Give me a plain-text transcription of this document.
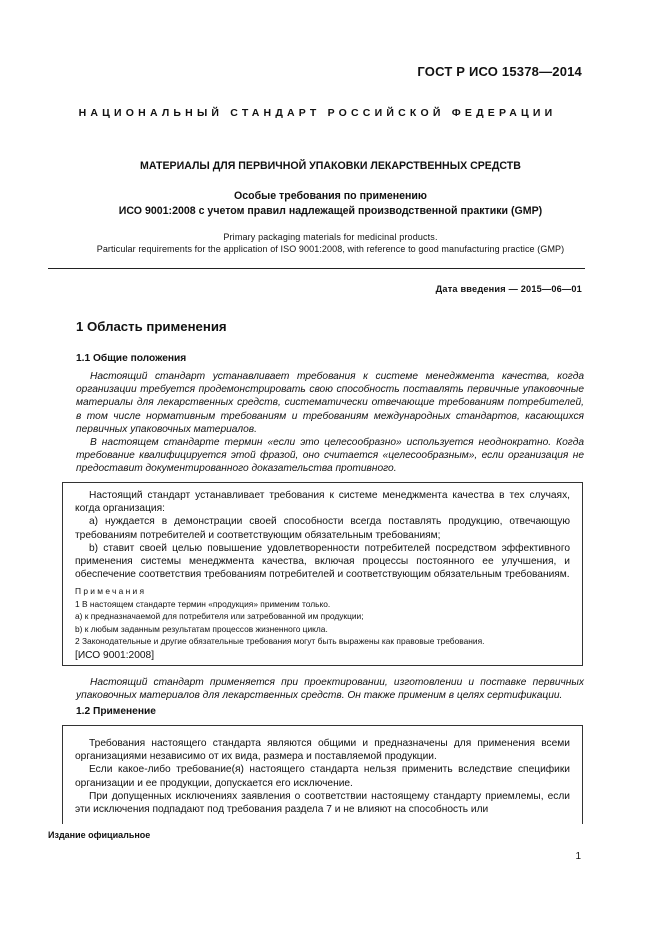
ГОСТ Р ИСО 15378—2014
НАЦИОНАЛЬНЫЙ СТАНДАРТ РОССИЙСКОЙ ФЕДЕРАЦИИ
МАТЕРИАЛЫ ДЛЯ ПЕРВИЧНОЙ УПАКОВКИ ЛЕКАРСТВЕННЫХ СРЕДСТВ
Особые требования по применению
ИСО 9001:2008 с учетом правил надлежащей производственной практики (GMP)
Primary packaging materials for medicinal products.
Particular requirements for the application of ISO 9001:2008, with reference to good manufacturing practice (GMP)
Дата введения — 2015—06—01
1 Область применения
1.1 Общие положения

Настоящий стандарт устанавливает требования к системе менеджмента качества, когда организации требуется продемонстрировать свою способность поставлять первичные упаковочные материалы для лекарственных средств, систематически отвечающие требованиям потребителей, в том числе нормативным требованиям и требованиям международных стандартов, касающихся первичных упаковочных материалов.

В настоящем стандарте термин «если это целесообразно» используется неоднократно. Когда требование квалифицируется этой фразой, оно считается «целесообразным», если организация не предоставит документированного доказательства противного.

Настоящий стандарт устанавливает требования к системе менеджмента качества в тех случаях, когда организация:

a) нуждается в демонстрации своей способности всегда поставлять продукцию, отвечающую требованиям потребителей и соответствующим обязательным требованиям;

b) ставит своей целью повышение удовлетворенности потребителей посредством эффективного применения системы менеджмента качества, включая процессы постоянного ее улучшения, и обеспечение соответствия требованиям потребителей и соответствующим обязательным требованиям.

Примечания

1 В настоящем стандарте термин «продукция» применим только.

a) к предназначаемой для потребителя или затребованной им продукции;

b) к любым заданным результатам процессов жизненного цикла.

2 Законодательные и другие обязательные требования могут быть выражены как правовые требования.

[ИСО 9001:2008]

Настоящий стандарт применяется при проектировании, изготовлении и поставке первичных упаковочных материалов для лекарственных средств. Он также применим в целях сертификации.

1.2 Применение

Требования настоящего стандарта являются общими и предназначены для применения всеми организациями независимо от их вида, размера и поставляемой продукции.

Если какое-либо требование(я) настоящего стандарта нельзя применить вследствие специфики организации и ее продукции, допускается его исключение.

При допущенных исключениях заявления о соответствии настоящему стандарту приемлемы, если эти исключения подпадают под требования раздела 7 и не влияют на способность или

Издание официальное
1
